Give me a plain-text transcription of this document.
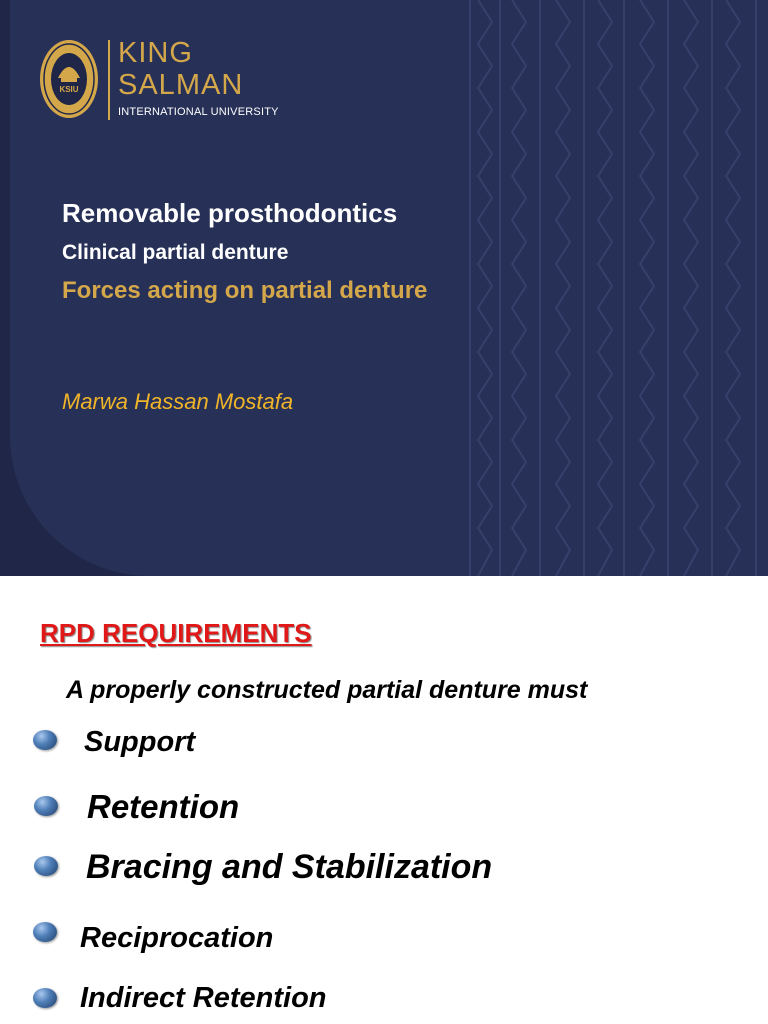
KSIU
KING
SALMAN
INTERNATIONAL UNIVERSITY
Removable prosthodontics
Clinical partial denture
Forces acting on partial denture
Marwa Hassan Mostafa
RPD REQUIREMENTS
A properly constructed partial denture must
Support
Retention
Bracing and Stabilization
Reciprocation
Indirect Retention
